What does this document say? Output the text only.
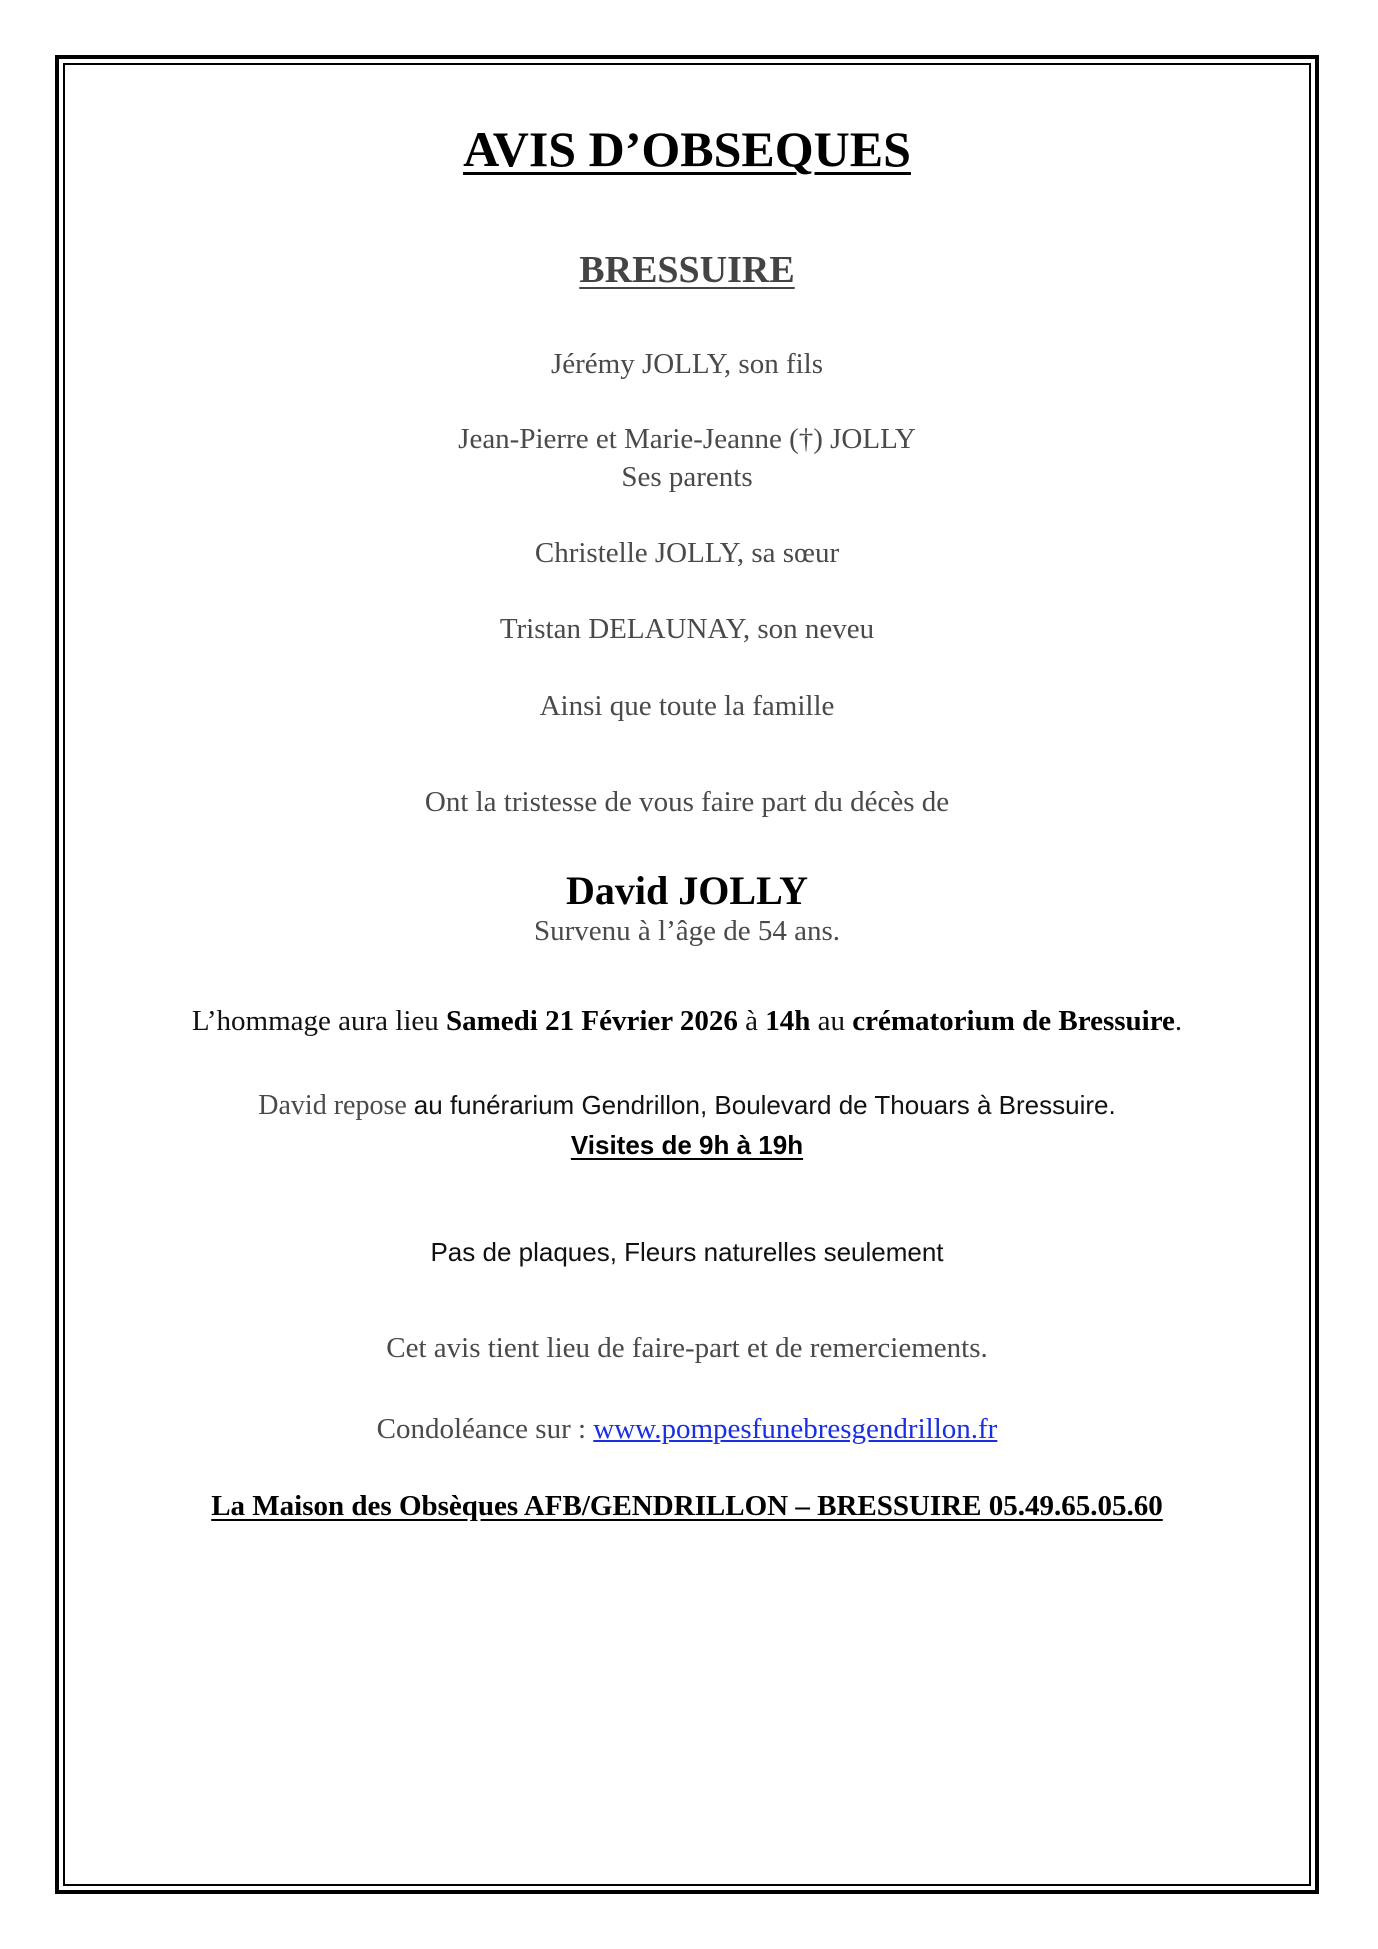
AVIS D’OBSEQUES

BRESSUIRE

Jérémy JOLLY, son fils

Jean-Pierre et Marie-Jeanne (†) JOLLY

Ses parents

Christelle JOLLY, sa sœur

Tristan DELAUNAY, son neveu

Ainsi que toute la famille

Ont la tristesse de vous faire part du décès de

David JOLLY

Survenu à l’âge de 54 ans.

L’hommage aura lieu Samedi 21 Février 2026 à 14h au crématorium de Bressuire.

David repose au funérarium Gendrillon, Boulevard de Thouars à Bressuire.

Visites de 9h à 19h

Pas de plaques, Fleurs naturelles seulement

Cet avis tient lieu de faire-part et de remerciements.

Condoléance sur : www.pompesfunebresgendrillon.fr

La Maison des Obsèques AFB/GENDRILLON – BRESSUIRE 05.49.65.05.60
